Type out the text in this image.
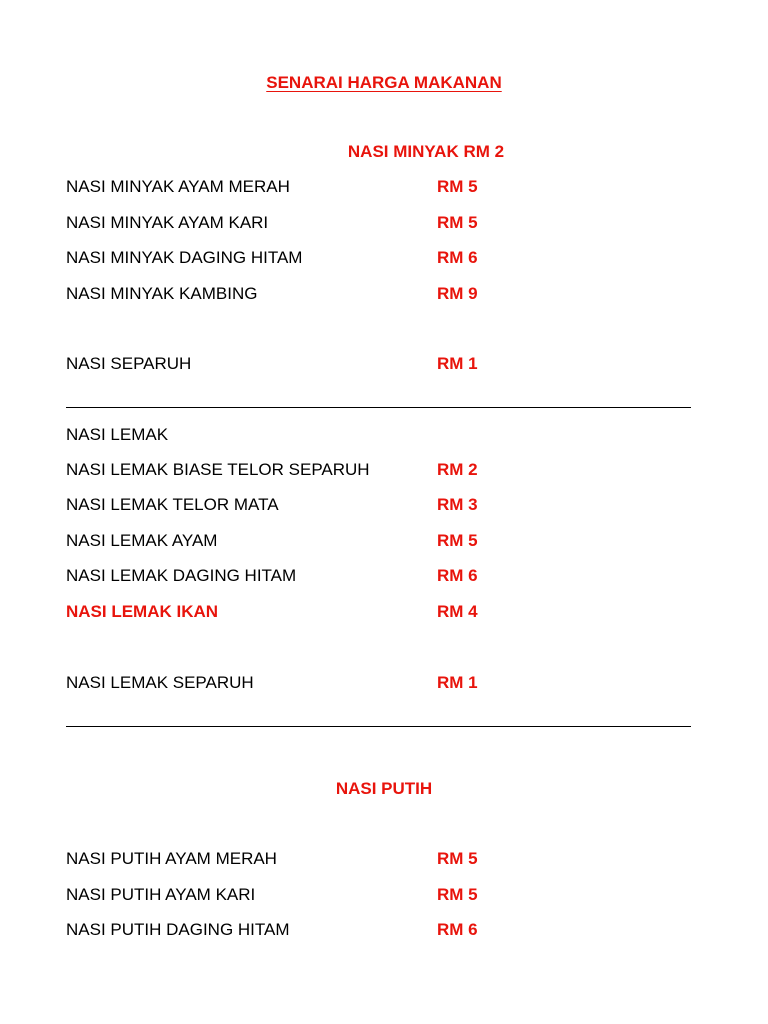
SENARAI HARGA MAKANAN
NASI MINYAK RM 2
NASI MINYAK AYAM MERAH	RM 5
NASI MINYAK AYAM KARI	RM 5
NASI MINYAK DAGING HITAM	RM 6
NASI MINYAK KAMBING	RM 9
NASI SEPARUH	RM 1
NASI LEMAK
NASI LEMAK BIASE TELOR SEPARUH	RM 2
NASI LEMAK TELOR MATA	RM 3
NASI LEMAK AYAM	RM 5
NASI LEMAK DAGING HITAM	RM 6
NASI LEMAK IKAN	RM 4
NASI LEMAK SEPARUH	RM 1
NASI PUTIH
NASI PUTIH AYAM MERAH	RM 5
NASI PUTIH AYAM KARI	RM 5
NASI PUTIH DAGING HITAM	RM 6
